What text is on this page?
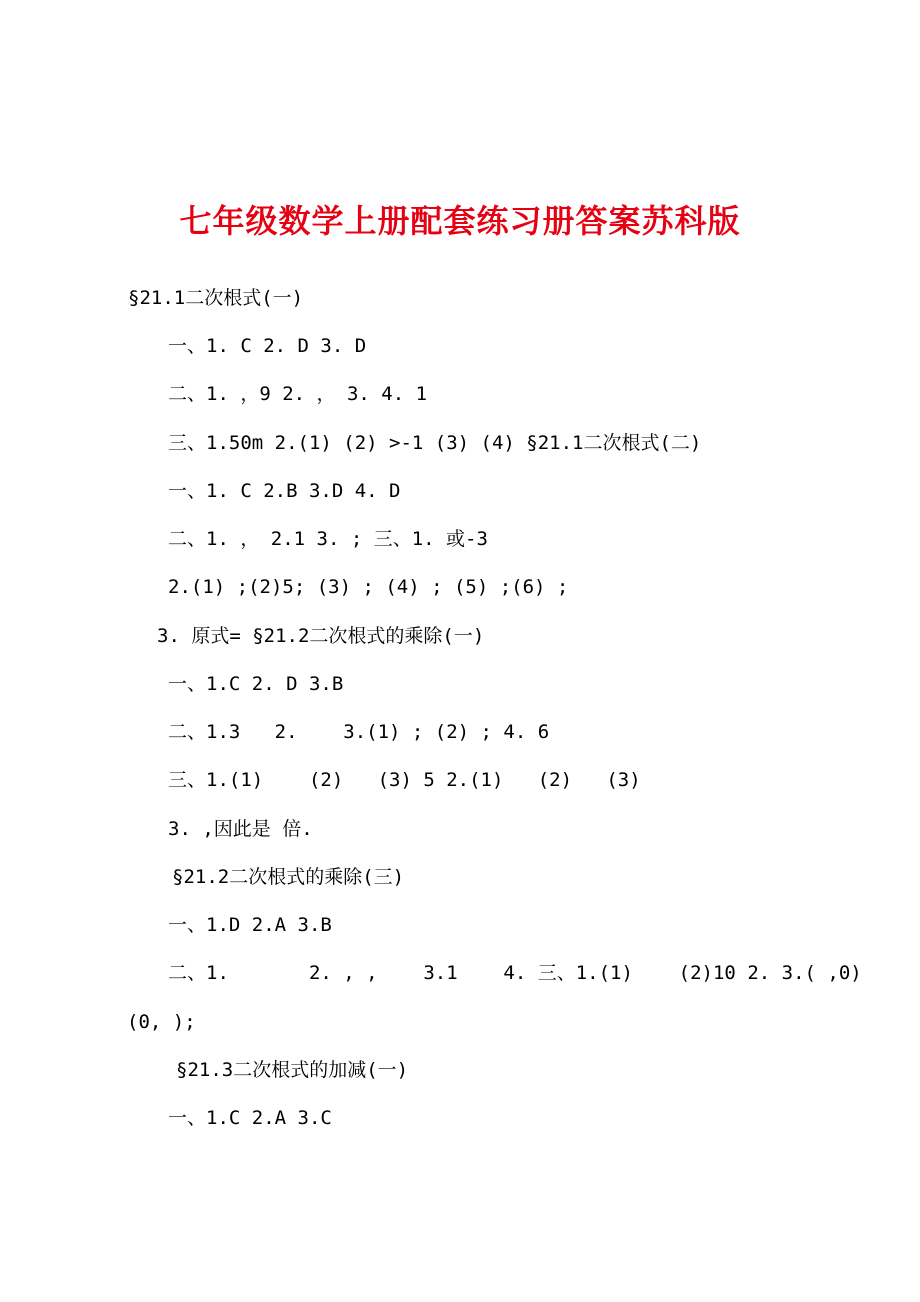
七年级数学上册配套练习册答案苏科版
§21.1二次根式(一)
一、1. C 2. D 3. D
二、1. ，9 2. ， 3. 4. 1
三、1.50m 2.(1) (2) >-1 (3) (4) §21.1二次根式(二)
一、1. C 2.B 3.D 4. D
二、1. ， 2.1 3. ; 三、1. 或-3
2.(1) ;(2)5; (3) ; (4) ; (5) ;(6) ;
3. 原式= §21.2二次根式的乘除(一)
一、1.C 2. D 3.B
二、1.3   2.    3.(1) ; (2) ; 4. 6
三、1.(1)    (2)   (3) 5 2.(1)   (2)   (3)
3. ,因此是 倍.
§21.2二次根式的乘除(三)
一、1.D 2.A 3.B
二、1.       2. , ,    3.1    4. 三、1.(1)    (2)10 2. 3.( ,0)
(0, );
§21.3二次根式的加减(一)
一、1.C 2.A 3.C
